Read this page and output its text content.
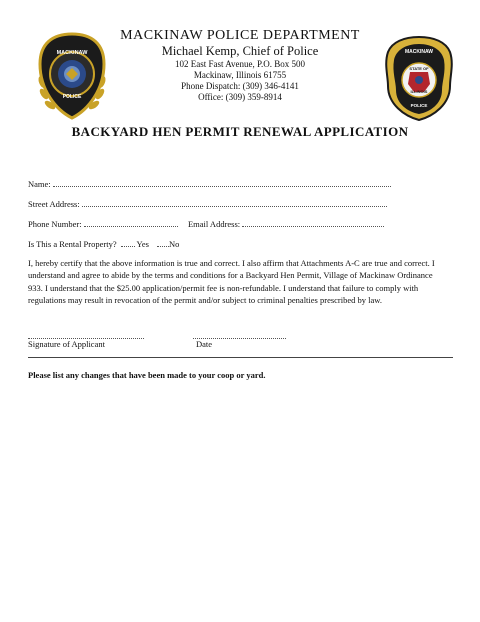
MACKINAW
POLICE
MACKINAW
STATE OF
ILLINOIS
POLICE
MACKINAW POLICE DEPARTMENT
Michael Kemp, Chief of Police
102 East Fast Avenue, P.O. Box 500
Mackinaw, Illinois 61755
Phone Dispatch: (309) 346-4141
Office: (309) 359-8914
BACKYARD HEN PERMIT RENEWAL APPLICATION
Name:
Street Address:
Phone Number:	Email Address:
Is This a Rental Property? Yes No
I, hereby certify that the above information is true and correct. I also affirm that Attachments A-C are true and correct. I understand and agree to abide by the terms and conditions for a Backyard Hen Permit, Village of Mackinaw Ordinance 933. I understand that the $25.00 application/permit fee is non-refundable. I understand that failure to comply with regulations may result in revocation of the permit and/or subject to criminal penalties prescribed by law.
Signature of Applicant	Date
Please list any changes that have been made to your coop or yard.
